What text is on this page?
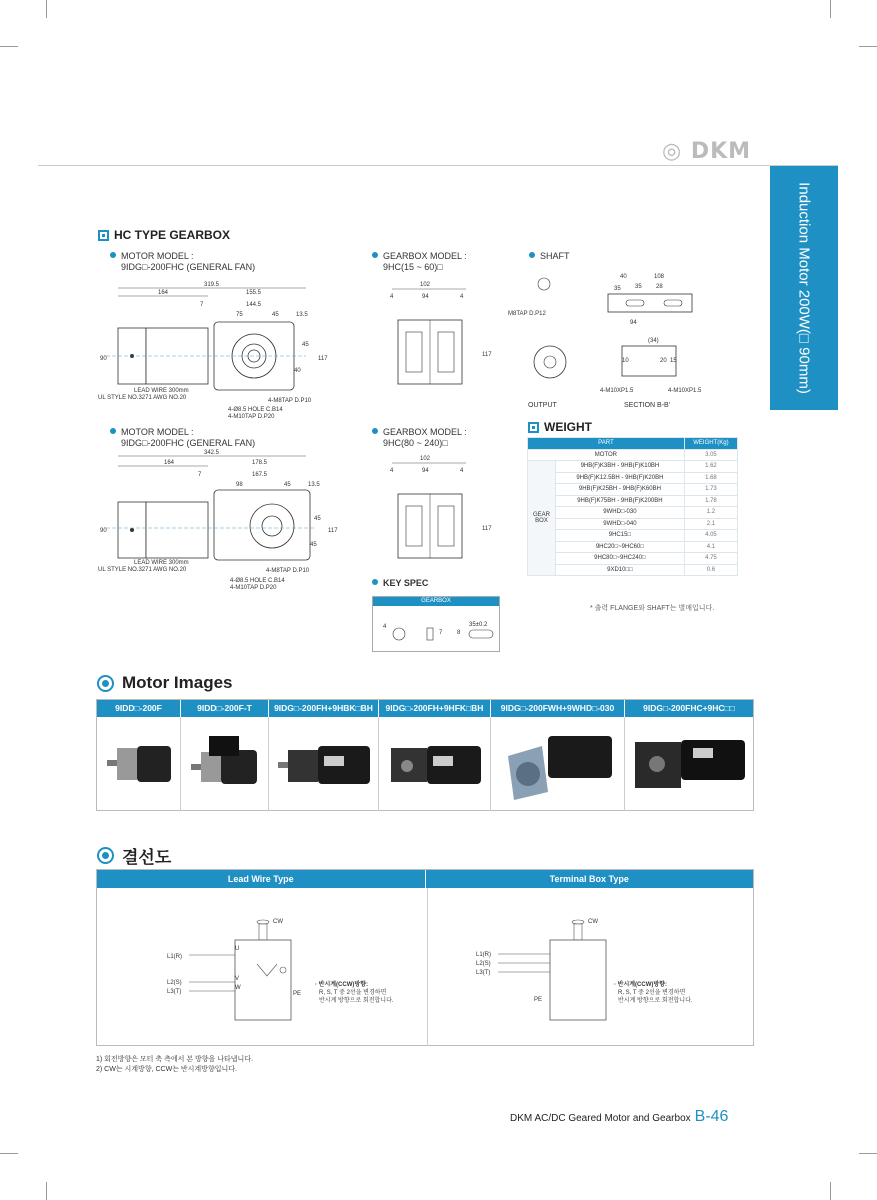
◎ DKM
Induction Motor 200W(□ 90mm)
HC TYPE GEARBOX
MOTOR MODEL :
9IDG□-200FHC (GENERAL FAN)
GEARBOX MODEL :
9HC(15 ~ 60)□
SHAFT
319.5
164	155.5
7	144.5
75	45	13.5
90	117
45
40
LEAD WIRE 300mm
UL STYLE NO.3271 AWG NO.20	4-M8TAP D.P10
4-Ø8.5 HOLE C.B14
4-M10TAP D.P20
102
4	94	4
117
40	108
35 35 28
94
M8TAP D.P12
(34)
10	20 15
4-M10XP1.5	4-M10XP1.5
OUTPUT	SECTION B-B'
MOTOR MODEL :
9IDG□-200FHC (GENERAL FAN)
GEARBOX MODEL :
9HC(80 ~ 240)□
342.5
164	178.5
7	167.5
98	45	13.5
90	117
45
45
LEAD WIRE 300mm
UL STYLE NO.3271 AWG NO.20	4-M8TAP D.P10
4-Ø8.5 HOLE C.B14
4-M10TAP D.P20
102
4	94	4
117
KEY SPEC
GEARBOX
4
7 8
35±0.2
WEIGHT
PART		WEIGHT(Kg)
MOTOR		3.05
GEAR
BOX	9HB(F)K3BH - 9HB(F)K10BH	1.62
	9HB(F)K12.5BH - 9HB(F)K20BH	1.68
	9HB(F)K25BH - 9HB(F)K60BH	1.73
	9HB(F)K75BH - 9HB(F)K200BH	1.78
	9WHD□-030	1.2
	9WHD□-040	2.1
	9HC15□	4.05
	9HC20□~9HC60□	4.1
	9HC80□~9HC240□	4.75
	9XD10□□	0.6
* 출력 FLANGE와 SHAFT는 별매입니다.
Motor Images
9IDD□-200F	9IDD□-200F-T	9IDG□-200FH+9HBK□BH	9IDG□-200FH+9HFK□BH	9IDG□-200FWH+9WHD□-030	9IDG□-200FHC+9HC□□
결선도
Lead Wire Type	Terminal Box Type
CW
L1(R)
L2(S)
L3(T)
U
V
W
PE
· 반시계(CCW)방향:
R, S, T 중 2선을 변경하면
반시계 방향으로 회전합니다.
CW
L1(R)
L2(S)
L3(T)
PE
· 반시계(CCW)방향:
R, S, T 중 2선을 변경하면
반시계 방향으로 회전합니다.
1) 회전방향은 모터 축 측에서 본 방향을 나타냅니다.
2) CW는 시계방향, CCW는 반시계방향입니다.
DKM AC/DC Geared Motor and Gearbox B-46
